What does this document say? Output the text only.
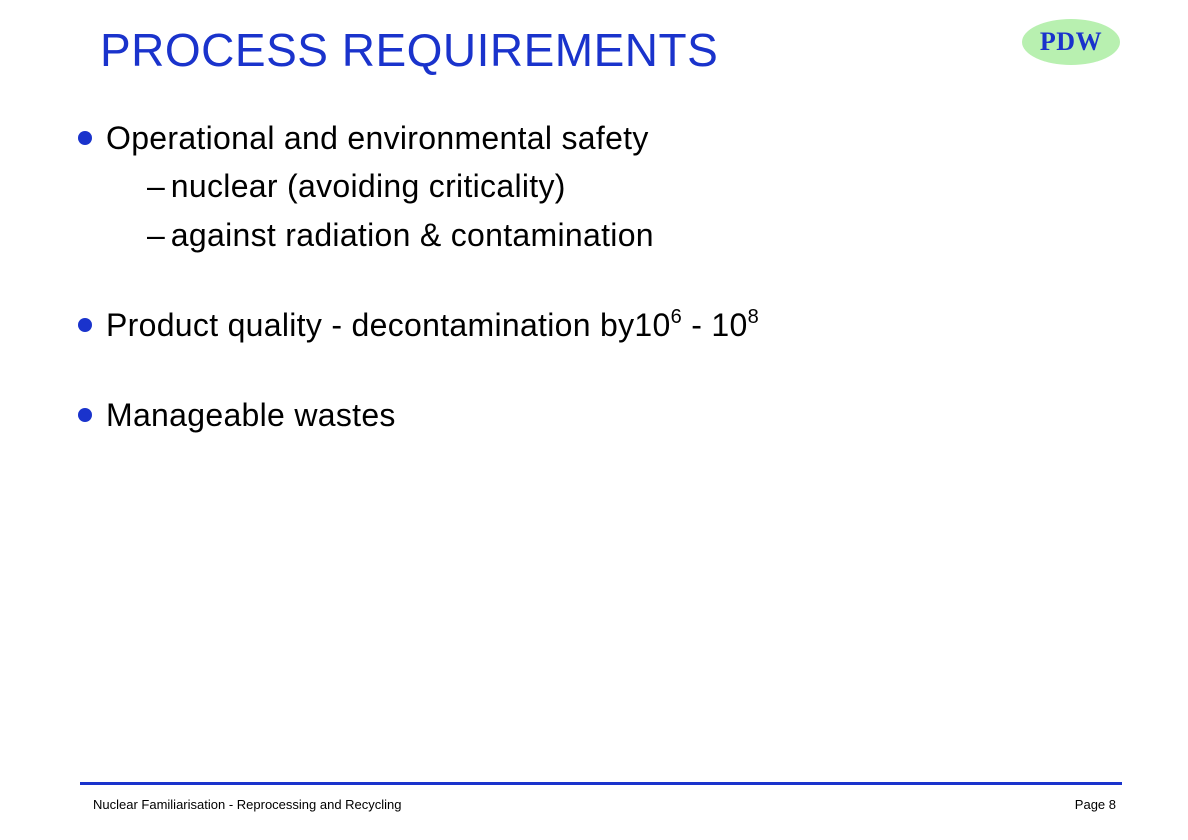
PROCESS REQUIREMENTS	PDW
Operational and environmental safety
– nuclear (avoiding criticality)
– against radiation & contamination
Product quality - decontamination $by10^6 - 10^8$
Manageable wastes
Nuclear Familiarisation - Reprocessing and Recycling	Page 8
